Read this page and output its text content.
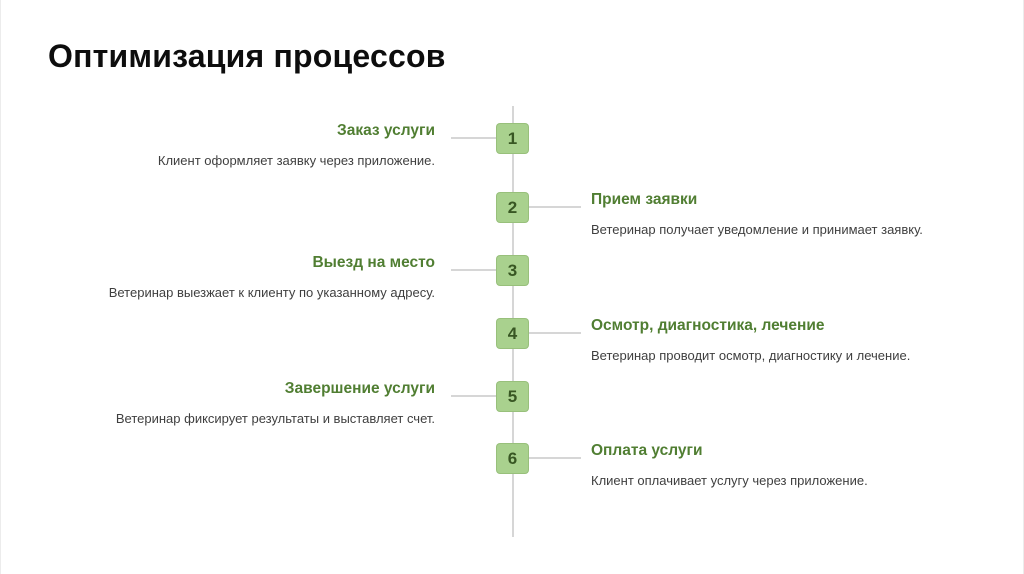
Оптимизация процессов
1
Заказ услуги
Клиент оформляет заявку через приложение.
2	Прием заявки
Ветеринар получает уведомление и принимает заявку.
3
Выезд на место
Ветеринар выезжает к клиенту по указанному адресу.
4	Осмотр, диагностика, лечение
Ветеринар проводит осмотр, диагностику и лечение.
5
Завершение услуги
Ветеринар фиксирует результаты и выставляет счет.
6	Оплата услуги
Клиент оплачивает услугу через приложение.
